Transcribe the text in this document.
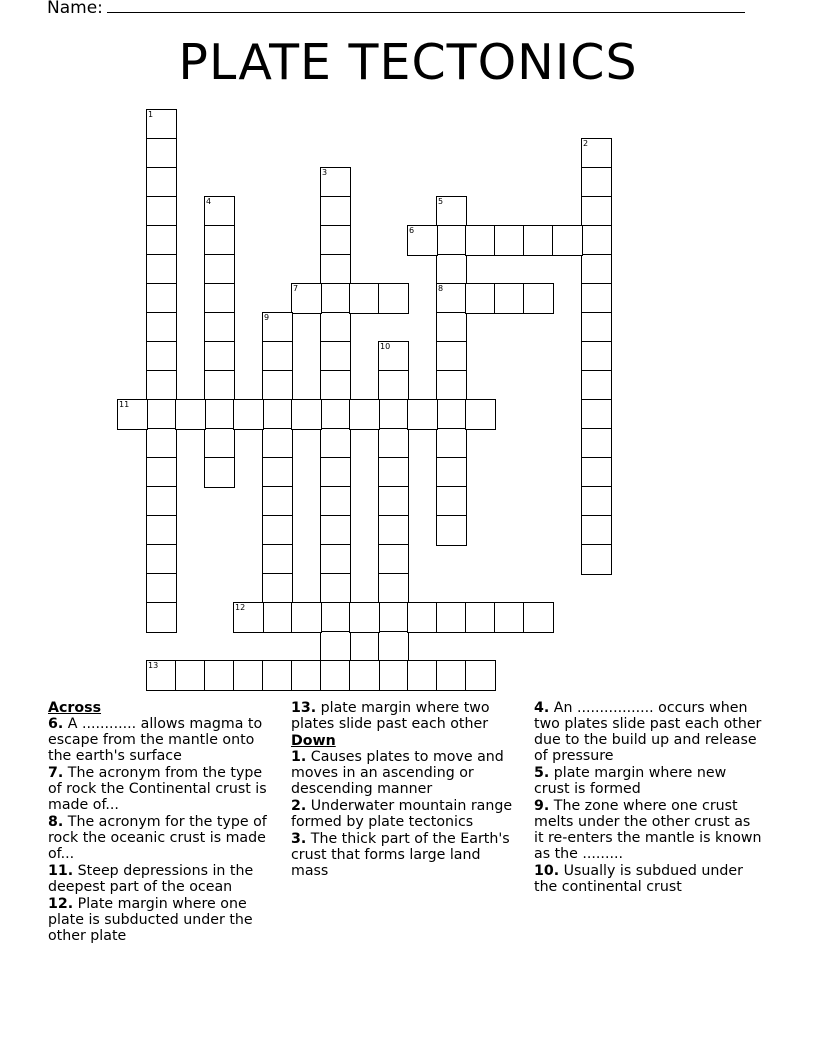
Name:
PLATE TECTONICS
1
2
3
4	5
8
6
7
9
10
11
12
13
Across

6. A ............ allows magma to escape from the mantle onto the earth's surface

7. The acronym from the type of rock the Continental crust is made of...

8. The acronym for the type of rock the oceanic crust is made of...

11. Steep depressions in the deepest part of the ocean

12. Plate margin where one plate is subducted under the other plate

13. plate margin where two plates slide past each other

Down

1. Causes plates to move and moves in an ascending or descending manner

2. Underwater mountain range formed by plate tectonics

3. The thick part of the Earth's crust that forms large land mass

4. An ................. occurs when two plates slide past each other due to the build up and release of pressure

5. plate margin where new crust is formed

9. The zone where one crust melts under the other crust as it re-enters the mantle is known as the .........

10. Usually is subdued under the continental crust
